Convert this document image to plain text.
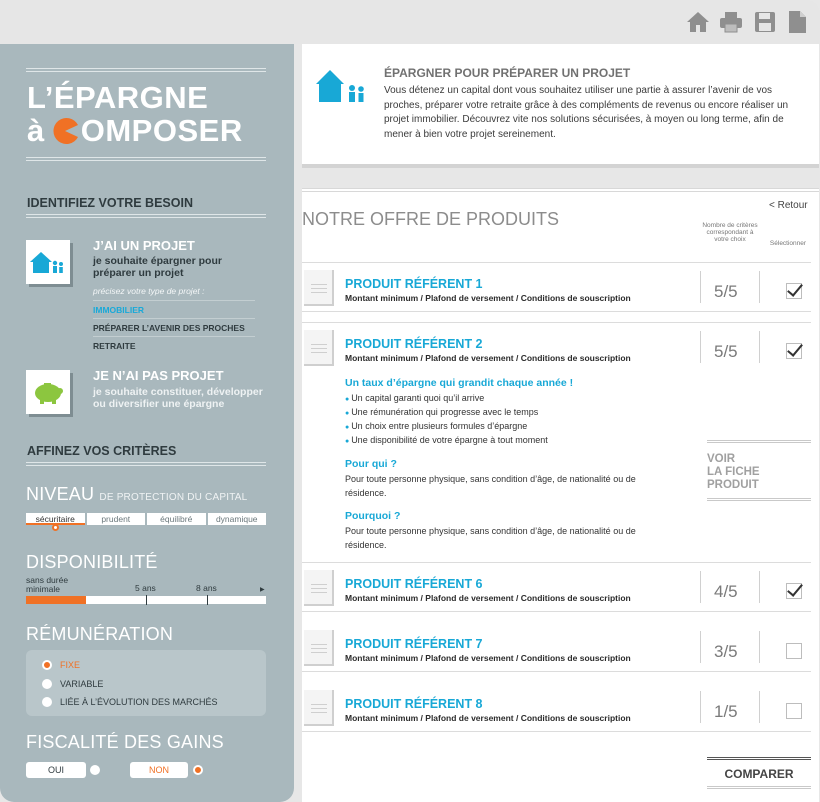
L’ÉPARGNE
à OMPOSER
IDENTIFIEZ VOTRE BESOIN
J’AI UN PROJET
je souhaite épargner pour préparer un projet
précisez votre type de projet :
IMMOBILIER
PRÉPARER L’AVENIR DES PROCHES
RETRAITE
JE N’AI PAS PROJET
je souhaite constituer, développer ou diversifier une épargne
AFFINEZ VOS CRITÈRES
NIVEAU DE PROTECTION DU CAPITAL
sécuritaire	prudent	équilibré	dynamique
DISPONIBILITÉ
sans durée minimale	5 ans	8 ans	▶
RÉMUNÉRATION
FIXE
VARIABLE
LIÉE À L’ÉVOLUTION DES MARCHÉS
FISCALITÉ DES GAINS
OUI	NON
ÉPARGNER POUR PRÉPARER UN PROJET
Vous détenez un capital dont vous souhaitez utiliser une partie à assurer l’avenir de vos proches, préparer votre retraite grâce à des compléments de revenus ou encore réaliser un projet immobilier. Découvrez vite nos solutions sécurisées, à moyen ou long terme, afin de mener à bien votre projet sereinement.
NOTRE OFFRE DE PRODUITS
< Retour
Nombre de critères correspondant à votre choix
Sélectionner
PRODUIT RÉFÉRENT 1
Montant minimum / Plafond de versement / Conditions de souscription	5/5
PRODUIT RÉFÉRENT 2
Montant minimum / Plafond de versement / Conditions de souscription	5/5
Un taux d’épargne qui grandit chaque année !
● Un capital garanti quoi qu’il arrive
● Une rémunération qui progresse avec le temps
● Un choix entre plusieurs formules d’épargne
● Une disponibilité de votre épargne à tout moment
Pour qui ?
Pour toute personne physique, sans condition d’âge, de nationalité ou de résidence.
Pourquoi ?
Pour toute personne physique, sans condition d’âge, de nationalité ou de résidence.
VOIR
LA FICHE
PRODUIT
PRODUIT RÉFÉRENT 6
Montant minimum / Plafond de versement / Conditions de souscription	4/5
PRODUIT RÉFÉRENT 7
Montant minimum / Plafond de versement / Conditions de souscription	3/5
PRODUIT RÉFÉRENT 8
Montant minimum / Plafond de versement / Conditions de souscription	1/5
COMPARER
